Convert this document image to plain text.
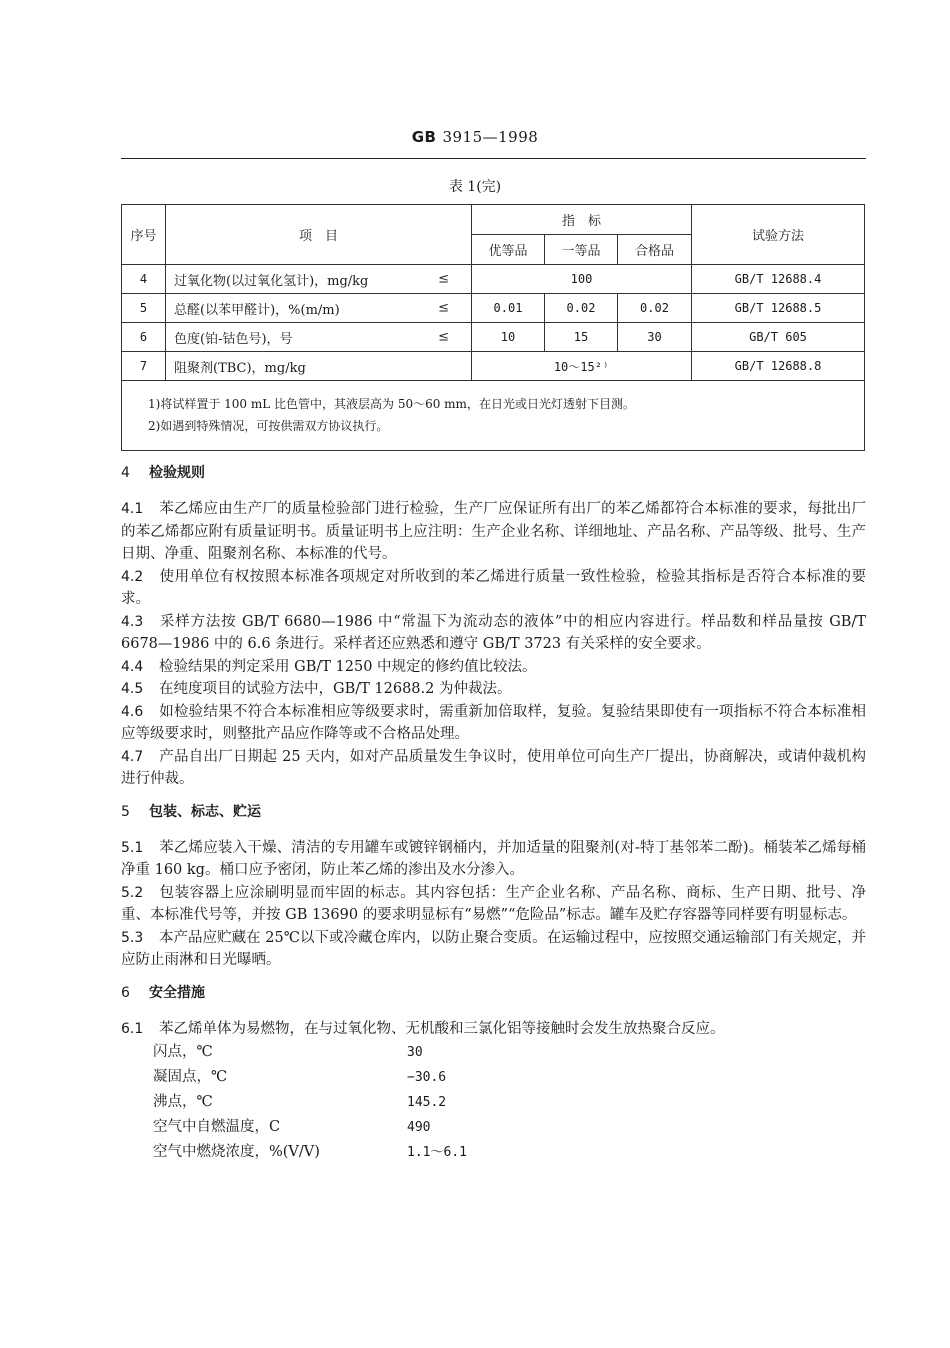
GB 3915—1998
表 1(完)
序号	项　目	指　标			试验方法
		优等品	一等品	合格品	
4	过氧化物(以过氧化氢计)，mg/kg ≤	100			GB/T 12688.4
5	总醛(以苯甲醛计)，%(m/m) ≤	0.01	0.02	0.02	GB/T 12688.5
6	色度(铂-钴色号)，号 ≤	10	15	30	GB/T 605
7	阻聚剂(TBC)，mg/kg	10～15²⁾			GB/T 12688.8

1)将试样置于 100 mL 比色管中，其液层高为 50～60 mm，在日光或日光灯透射下目测。
2)如遇到特殊情况，可按供需双方协议执行。					
4 检验规则

4.1 苯乙烯应由生产厂的质量检验部门进行检验，生产厂应保证所有出厂的苯乙烯都符合本标准的要求，每批出厂的苯乙烯都应附有质量证明书。质量证明书上应注明：生产企业名称、详细地址、产品名称、产品等级、批号、生产日期、净重、阻聚剂名称、本标准的代号。

4.2 使用单位有权按照本标准各项规定对所收到的苯乙烯进行质量一致性检验，检验其指标是否符合本标准的要求。

4.3 采样方法按 GB/T 6680—1986 中“常温下为流动态的液体”中的相应内容进行。样品数和样品量按 GB/T 6678—1986 中的 6.6 条进行。采样者还应熟悉和遵守 GB/T 3723 有关采样的安全要求。

4.4 检验结果的判定采用 GB/T 1250 中规定的修约值比较法。

4.5 在纯度项目的试验方法中，GB/T 12688.2 为仲裁法。

4.6 如检验结果不符合本标准相应等级要求时，需重新加倍取样，复验。复验结果即使有一项指标不符合本标准相应等级要求时，则整批产品应作降等或不合格品处理。

4.7 产品自出厂日期起 25 天内，如对产品质量发生争议时，使用单位可向生产厂提出，协商解决，或请仲裁机构进行仲裁。

5 包装、标志、贮运

5.1 苯乙烯应装入干燥、清洁的专用罐车或镀锌钢桶内，并加适量的阻聚剂(对-特丁基邻苯二酚)。桶装苯乙烯每桶净重 160 kg。桶口应予密闭，防止苯乙烯的渗出及水分渗入。

5.2 包装容器上应涂刷明显而牢固的标志。其内容包括：生产企业名称、产品名称、商标、生产日期、批号、净重、本标准代号等，并按 GB 13690 的要求明显标有“易燃”“危险品”标志。罐车及贮存容器等同样要有明显标志。

5.3 本产品应贮藏在 25℃以下或冷藏仓库内，以防止聚合变质。在运输过程中，应按照交通运输部门有关规定，并应防止雨淋和日光曝晒。

6 安全措施

6.1 苯乙烯单体为易燃物，在与过氧化物、无机酸和三氯化铝等接触时会发生放热聚合反应。

闪点，℃	30
凝固点，℃	−30.6
沸点，℃	145.2
空气中自燃温度，C	490
空气中燃烧浓度，%(V/V)	1.1～6.1
